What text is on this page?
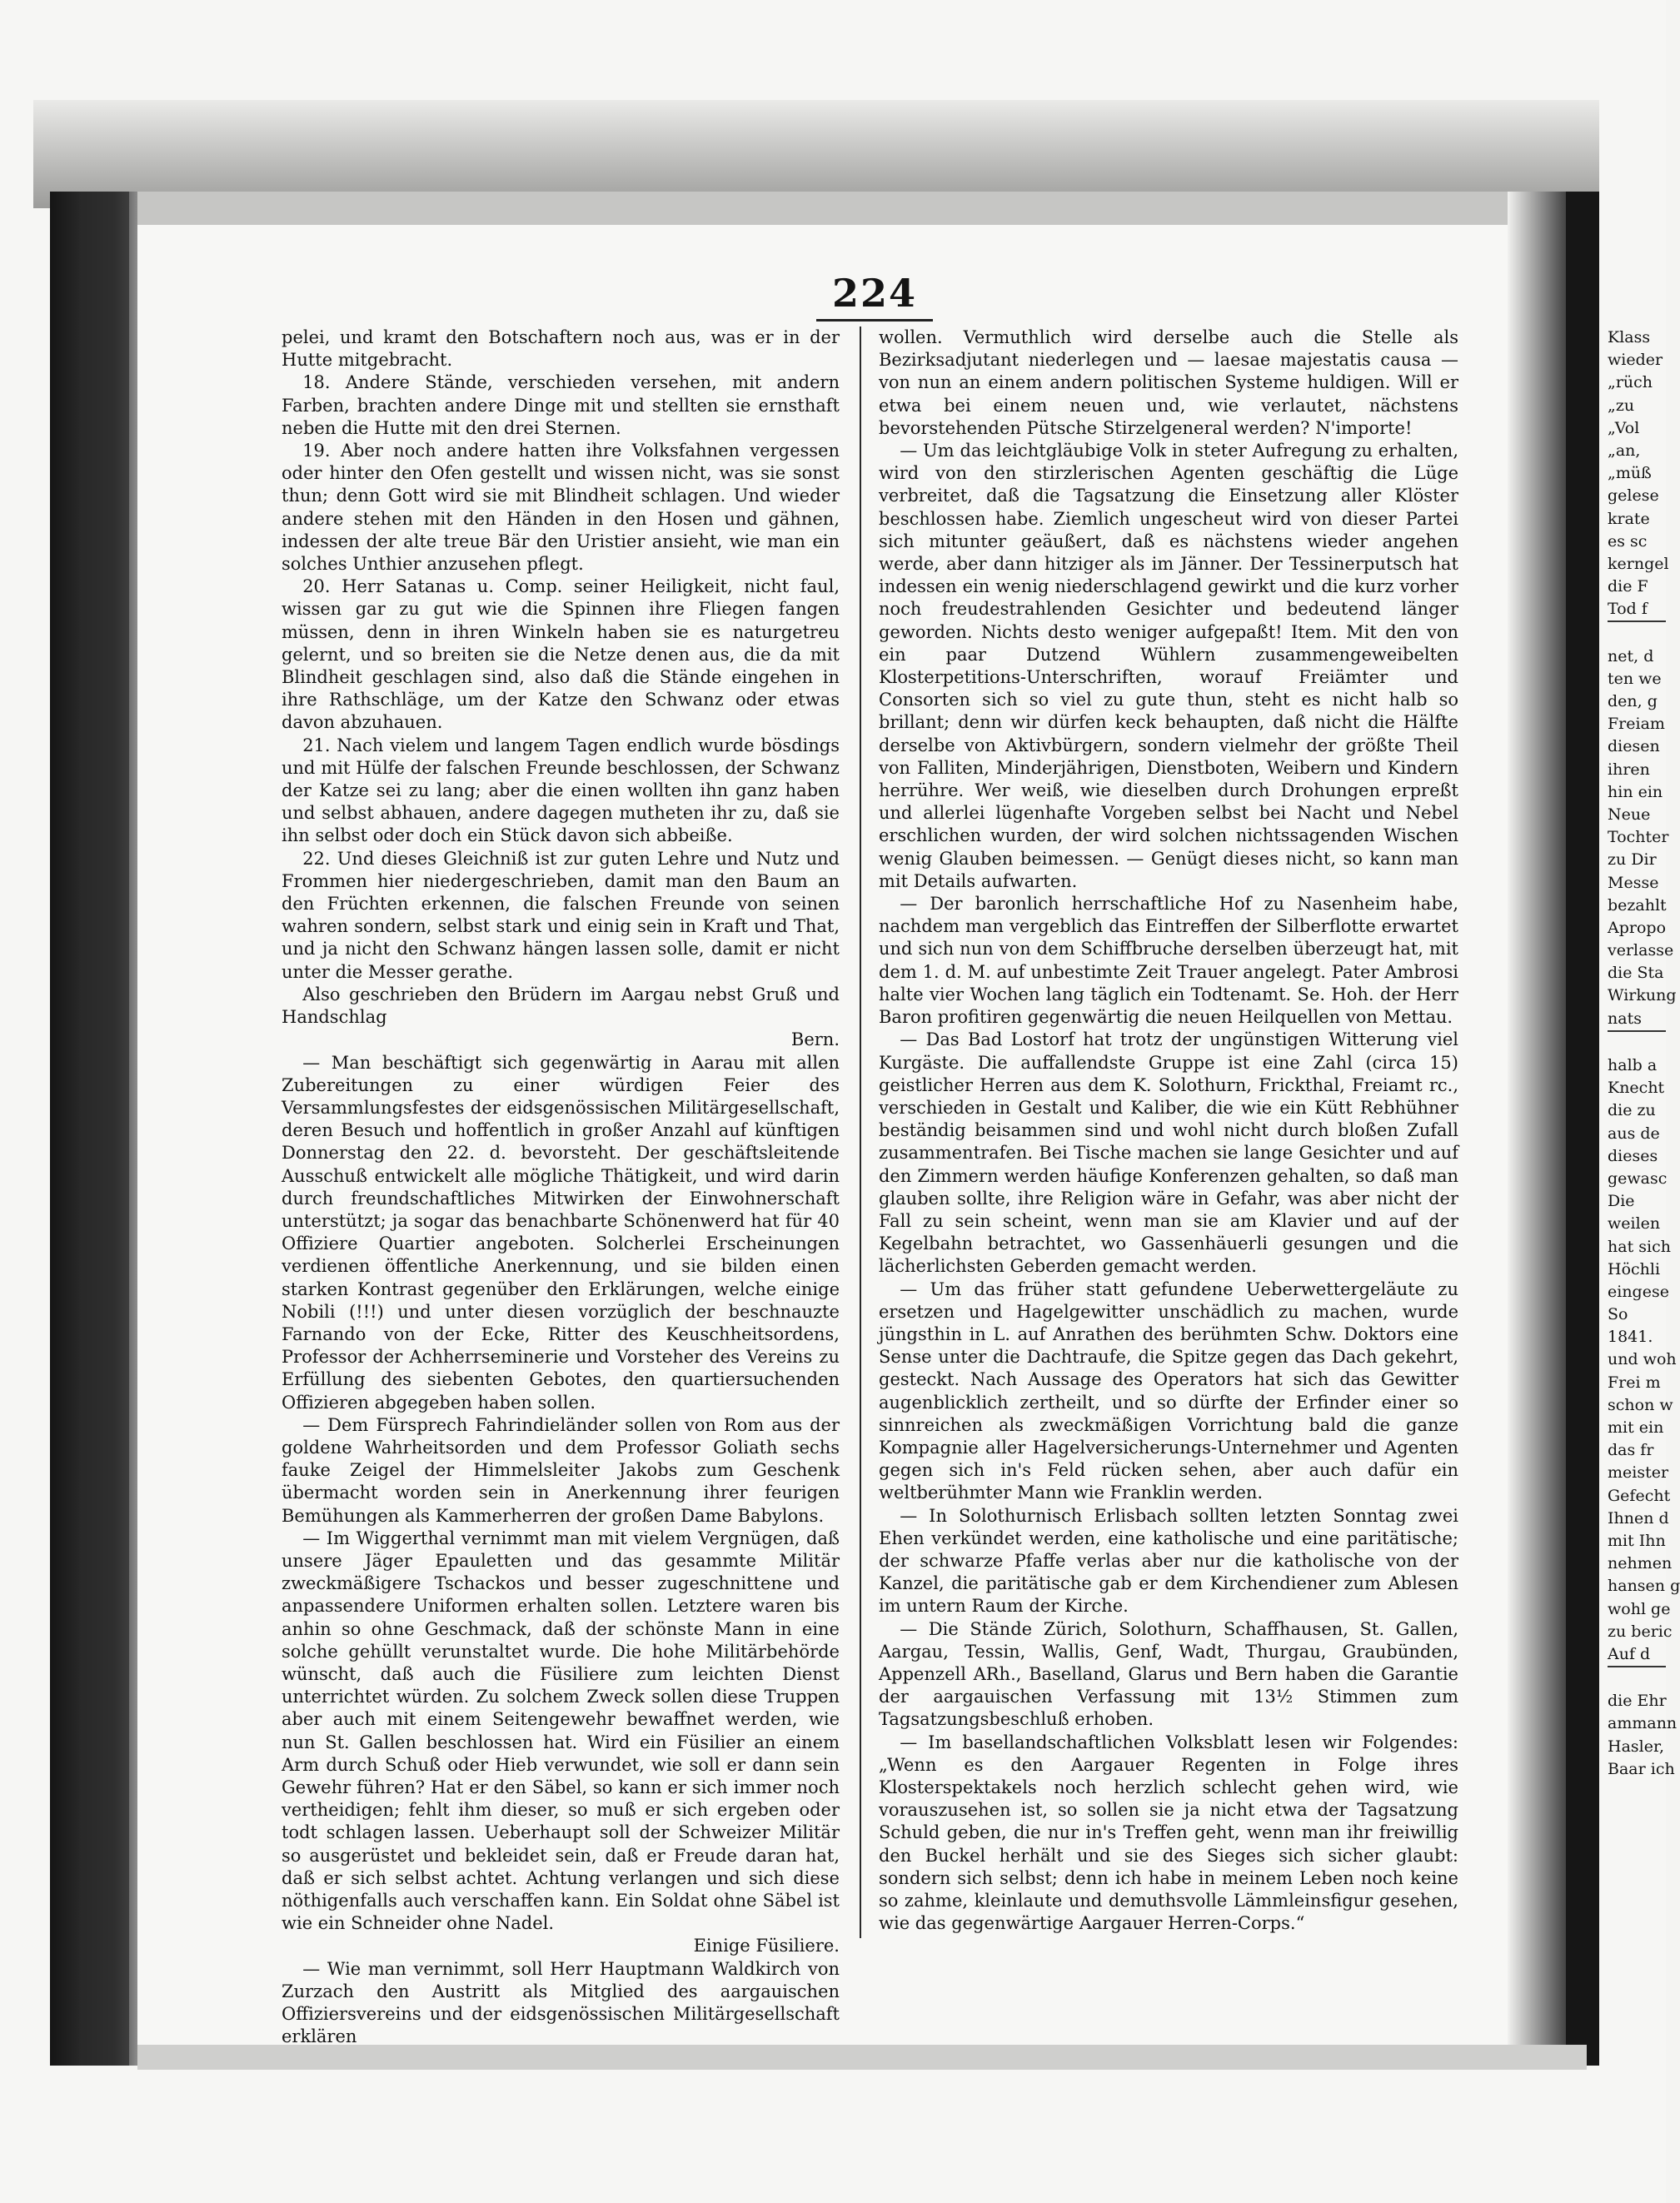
224

pelei, und kramt den Botschaftern noch aus, was er in der Hutte mitgebracht.

18. Andere Stände, verschieden versehen, mit andern Farben, brachten andere Dinge mit und stellten sie ernsthaft neben die Hutte mit den drei Sternen.

19. Aber noch andere hatten ihre Volksfahnen vergessen oder hinter den Ofen gestellt und wissen nicht, was sie sonst thun; denn Gott wird sie mit Blindheit schlagen. Und wieder andere stehen mit den Händen in den Hosen und gähnen, indessen der alte treue Bär den Uristier ansieht, wie man ein solches Unthier anzusehen pflegt.

20. Herr Satanas u. Comp. seiner Heiligkeit, nicht faul, wissen gar zu gut wie die Spinnen ihre Fliegen fangen müssen, denn in ihren Winkeln haben sie es naturgetreu gelernt, und so breiten sie die Netze denen aus, die da mit Blindheit geschlagen sind, also daß die Stände eingehen in ihre Rathschläge, um der Katze den Schwanz oder etwas davon abzuhauen.

21. Nach vielem und langem Tagen endlich wurde bösdings und mit Hülfe der falschen Freunde beschlossen, der Schwanz der Katze sei zu lang; aber die einen wollten ihn ganz haben und selbst abhauen, andere dagegen mutheten ihr zu, daß sie ihn selbst oder doch ein Stück davon sich abbeiße.

22. Und dieses Gleichniß ist zur guten Lehre und Nutz und Frommen hier niedergeschrieben, damit man den Baum an den Früchten erkennen, die falschen Freunde von seinen wahren sondern, selbst stark und einig sein in Kraft und That, und ja nicht den Schwanz hängen lassen solle, damit er nicht unter die Messer gerathe.

Also geschrieben den Brüdern im Aargau nebst Gruß und Handschlag

Bern.

— Man beschäftigt sich gegenwärtig in Aarau mit allen Zubereitungen zu einer würdigen Feier des Versammlungsfestes der eidsgenössischen Militärgesellschaft, deren Besuch und hoffentlich in großer Anzahl auf künftigen Donnerstag den 22. d. bevorsteht. Der geschäftsleitende Ausschuß entwickelt alle mögliche Thätigkeit, und wird darin durch freundschaftliches Mitwirken der Einwohnerschaft unterstützt; ja sogar das benachbarte Schönenwerd hat für 40 Offiziere Quartier angeboten. Solcherlei Erscheinungen verdienen öffentliche Anerkennung, und sie bilden einen starken Kontrast gegenüber den Erklärungen, welche einige Nobili (!!!) und unter diesen vorzüglich der beschnauzte Farnando von der Ecke, Ritter des Keuschheitsordens, Professor der Achherrseminerie und Vorsteher des Vereins zu Erfüllung des siebenten Gebotes, den quartiersuchenden Offizieren abgegeben haben sollen.

— Dem Fürsprech Fahrindieländer sollen von Rom aus der goldene Wahrheitsorden und dem Professor Goliath sechs fauke Zeigel der Himmelsleiter Jakobs zum Geschenk übermacht worden sein in Anerkennung ihrer feurigen Bemühungen als Kammerherren der großen Dame Babylons.

— Im Wiggerthal vernimmt man mit vielem Vergnügen, daß unsere Jäger Epauletten und das gesammte Militär zweckmäßigere Tschackos und besser zugeschnittene und anpassendere Uniformen erhalten sollen. Letztere waren bis anhin so ohne Geschmack, daß der schönste Mann in eine solche gehüllt verunstaltet wurde. Die hohe Militärbehörde wünscht, daß auch die Füsiliere zum leichten Dienst unterrichtet würden. Zu solchem Zweck sollen diese Truppen aber auch mit einem Seitengewehr bewaffnet werden, wie nun St. Gallen beschlossen hat. Wird ein Füsilier an einem Arm durch Schuß oder Hieb verwundet, wie soll er dann sein Gewehr führen? Hat er den Säbel, so kann er sich immer noch vertheidigen; fehlt ihm dieser, so muß er sich ergeben oder todt schlagen lassen. Ueberhaupt soll der Schweizer Militär so ausgerüstet und bekleidet sein, daß er Freude daran hat, daß er sich selbst achtet. Achtung verlangen und sich diese nöthigenfalls auch verschaffen kann. Ein Soldat ohne Säbel ist wie ein Schneider ohne Nadel.

Einige Füsiliere.

— Wie man vernimmt, soll Herr Hauptmann Waldkirch von Zurzach den Austritt als Mitglied des aargauischen Offiziersvereins und der eidsgenössischen Militärgesellschaft erklären

wollen. Vermuthlich wird derselbe auch die Stelle als Bezirksadjutant niederlegen und — laesae majestatis causa — von nun an einem andern politischen Systeme huldigen. Will er etwa bei einem neuen und, wie verlautet, nächstens bevorstehenden Pütsche Stirzelgeneral werden? N'importe!

— Um das leichtgläubige Volk in steter Aufregung zu erhalten, wird von den stirzlerischen Agenten geschäftig die Lüge verbreitet, daß die Tagsatzung die Einsetzung aller Klöster beschlossen habe. Ziemlich ungescheut wird von dieser Partei sich mitunter geäußert, daß es nächstens wieder angehen werde, aber dann hitziger als im Jänner. Der Tessinerputsch hat indessen ein wenig niederschlagend gewirkt und die kurz vorher noch freudestrahlenden Gesichter und bedeutend länger geworden. Nichts desto weniger aufgepaßt! Item. Mit den von ein paar Dutzend Wühlern zusammengeweibelten Klosterpetitions-Unterschriften, worauf Freiämter und Consorten sich so viel zu gute thun, steht es nicht halb so brillant; denn wir dürfen keck behaupten, daß nicht die Hälfte derselbe von Aktivbürgern, sondern vielmehr der größte Theil von Falliten, Minderjährigen, Dienstboten, Weibern und Kindern herrühre. Wer weiß, wie dieselben durch Drohungen erpreßt und allerlei lügenhafte Vorgeben selbst bei Nacht und Nebel erschlichen wurden, der wird solchen nichtssagenden Wischen wenig Glauben beimessen. — Genügt dieses nicht, so kann man mit Details aufwarten.

— Der baronlich herrschaftliche Hof zu Nasenheim habe, nachdem man vergeblich das Eintreffen der Silberflotte erwartet und sich nun von dem Schiffbruche derselben überzeugt hat, mit dem 1. d. M. auf unbestimte Zeit Trauer angelegt. Pater Ambrosi halte vier Wochen lang täglich ein Todtenamt. Se. Hoh. der Herr Baron profitiren gegenwärtig die neuen Heilquellen von Mettau.

— Das Bad Lostorf hat trotz der ungünstigen Witterung viel Kurgäste. Die auffallendste Gruppe ist eine Zahl (circa 15) geistlicher Herren aus dem K. Solothurn, Frickthal, Freiamt rc., verschieden in Gestalt und Kaliber, die wie ein Kütt Rebhühner beständig beisammen sind und wohl nicht durch bloßen Zufall zusammentrafen. Bei Tische machen sie lange Gesichter und auf den Zimmern werden häufige Konferenzen gehalten, so daß man glauben sollte, ihre Religion wäre in Gefahr, was aber nicht der Fall zu sein scheint, wenn man sie am Klavier und auf der Kegelbahn betrachtet, wo Gassenhäuerli gesungen und die lächerlichsten Geberden gemacht werden.

— Um das früher statt gefundene Ueberwettergeläute zu ersetzen und Hagelgewitter unschädlich zu machen, wurde jüngsthin in L. auf Anrathen des berühmten Schw. Doktors eine Sense unter die Dachtraufe, die Spitze gegen das Dach gekehrt, gesteckt. Nach Aussage des Operators hat sich das Gewitter augenblicklich zertheilt, und so dürfte der Erfinder einer so sinnreichen als zweckmäßigen Vorrichtung bald die ganze Kompagnie aller Hagelversicherungs-Unternehmer und Agenten gegen sich in's Feld rücken sehen, aber auch dafür ein weltberühmter Mann wie Franklin werden.

— In Solothurnisch Erlisbach sollten letzten Sonntag zwei Ehen verkündet werden, eine katholische und eine paritätische; der schwarze Pfaffe verlas aber nur die katholische von der Kanzel, die paritätische gab er dem Kirchendiener zum Ablesen im untern Raum der Kirche.

— Die Stände Zürich, Solothurn, Schaffhausen, St. Gallen, Aargau, Tessin, Wallis, Genf, Wadt, Thurgau, Graubünden, Appenzell ARh., Baselland, Glarus und Bern haben die Garantie der aargauischen Verfassung mit 13½ Stimmen zum Tagsatzungsbeschluß erhoben.

— Im basellandschaftlichen Volksblatt lesen wir Folgendes: „Wenn es den Aargauer Regenten in Folge ihres Klosterspektakels noch herzlich schlecht gehen wird, wie vorauszusehen ist, so sollen sie ja nicht etwa der Tagsatzung Schuld geben, die nur in's Treffen geht, wenn man ihr freiwillig den Buckel herhält und sie des Sieges sich sicher glaubt: sondern sich selbst; denn ich habe in meinem Leben noch keine so zahme, kleinlaute und demuthsvolle Lämmleinsfigur gesehen, wie das gegenwärtige Aargauer Herren-Corps.“

Klass
wieder
„rüch
„zu
„Vol
„an,
„müß
gelese
krate
es sc
kerngel
die F
Tod f
net, d
ten we
den, g
Freiam
diesen
ihren
hin ein
Neue
Tochter
zu Dir
Messe
bezahlt
Apropo
verlasse
die Sta
Wirkung
nats
halb a
Knecht
die zu
aus de
dieses
gewasc
Die
weilen
hat sich
Höchli
eingese
So
1841.
und woh
Frei m
schon w
mit ein
das fr
meister
Gefecht
Ihnen d
mit Ihn
nehmen
hansen g
wohl ge
zu beric
Auf d
die Ehr
ammann
Hasler,
Baar ich
